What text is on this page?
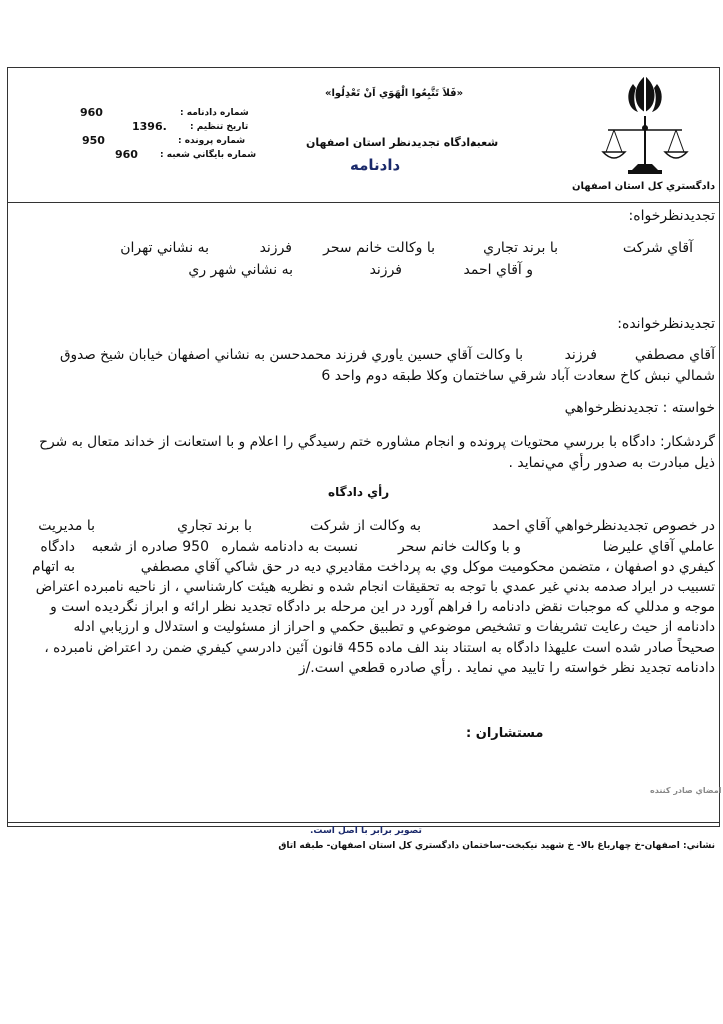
دادگستري كل استان اصفهان
«فَلاَ تَتَّبِعُوا الْهَوَي اَنْ تَعْدِلُوا»
دادگاه تجديدنظر استان اصفهان
شعبه
دادنامه
شماره دادنامه :
960
تاريخ تنظيم :
1396.
شماره پرونده :
950
شماره بايگاني شعبه :
960
تجديدنظرخواه:
آقاي شركت
با برند تجاري
با وكالت خانم سحر
فرزند
به نشاني تهران
و آقاي احمد
فرزند
به نشاني شهر ري
تجديدنظرخوانده:
آقاي مصطفي
فرزند
با وكالت آقاي حسين ياوري فرزند محمدحسن به نشاني اصفهان خيابان شيخ صدوق
شمالي نبش كاخ سعادت آباد شرقي ساختمان وكلا طبقه دوم واحد 6
خواسته : تجديدنظرخواهي
گردشكار: دادگاه با بررسي محتويات پرونده و انجام مشاوره ختم رسيدگي را اعلام و با استعانت از خداند متعال به شرح
ذيل مبادرت به صدور رأي مي‌نمايد .
رأي دادگاه
در خصوص تجديدنظرخواهي آقاي احمد
به وكالت از شركت
با برند تجاري
با مديريت
عاملي آقاي عليرضا
و با وكالت خانم سحر
نسبت به دادنامه شماره
950 صادره از شعبه
دادگاه
كيفري دو اصفهان ، متضمن محكوميت موكل وي به پرداخت مقاديري ديه در حق شاكي آقاي مصطفي
به اتهام
تسبيب در ايراد صدمه بدني غير عمدي با توجه به تحقيقات انجام شده و نظريه هيئت كارشناسي ، از ناحيه نامبرده اعتراض
موجه و مدللي كه موجبات نقض دادنامه را فراهم آورد در اين مرحله بر دادگاه تجديد نظر ارائه و ابراز نگرديده است و
دادنامه از حيث رعايت تشريفات و تشخيص موضوعي و تطبيق حكمي و احراز از مسئوليت و استدلال و ارزيابي ادله
صحيحاً صادر شده است عليهذا دادگاه به استناد بند الف ماده 455 قانون آئين دادرسي كيفري ضمن رد اعتراض نامبرده ،
دادنامه تجديد نظر خواسته را تاييد مي نمايد . رأي صادره قطعي است./ز
مستشاران :
امضاي صادر كننده
تصوير برابر با اصل است.
نشاني: اصفهان-خ چهارباغ بالا- خ شهيد نيكبخت-ساختمان دادگستري كل استان اصفهان- طبقه اتاق
